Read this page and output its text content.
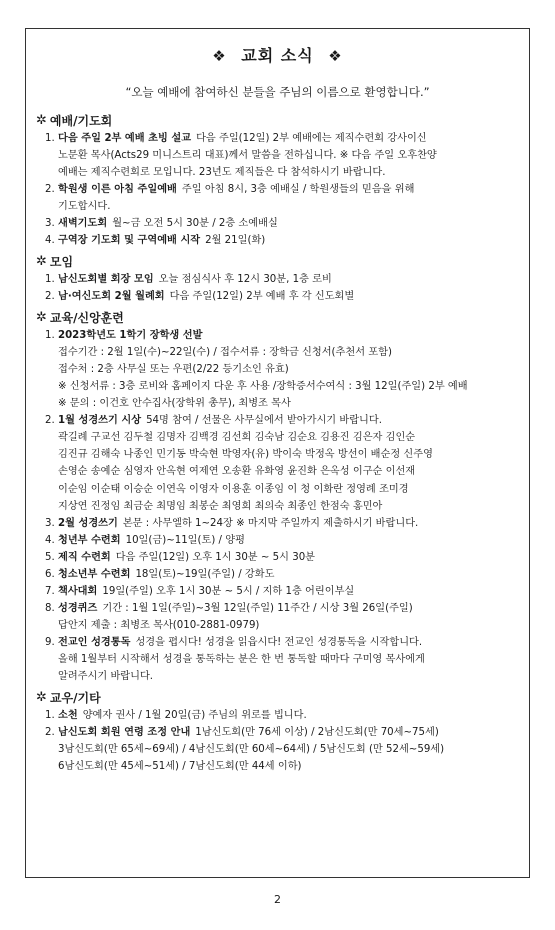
❖ 교회 소식 ❖
“오늘 예배에 참여하신 분들을 주님의 이름으로 환영합니다.”
✲ 예배/기도회
1. 다음 주일 2부 예배 초빙 설교 다음 주일(12일) 2부 예배에는 제직수련회 강사이신
노문환 목사(Acts29 미니스트리 대표)께서 말씀을 전하십니다. ※ 다음 주일 오후찬양
예배는 제직수련회로 모입니다. 23년도 제직들은 다 참석하시기 바랍니다.
2. 학원생 이른 아침 주일예배 주일 아침 8시, 3층 예배실 / 학원생들의 믿음을 위해
기도합시다.
3. 새벽기도회 월~금 오전 5시 30분 / 2층 소예배실
4. 구역장 기도회 및 구역예배 시작 2월 21일(화)
✲ 모임
1. 남신도회별 회장 모임 오늘 점심식사 후 12시 30분, 1층 로비
2. 남·여신도회 2월 월례회 다음 주일(12일) 2부 예배 후 각 신도회별
✲ 교육/신앙훈련
1. 2023학년도 1학기 장학생 선발
접수기간 : 2월 1일(수)~22일(수) / 접수서류 : 장학금 신청서(추천서 포함)
접수처 : 2층 사무실 또는 우편(2/22 등기소인 유효)
※ 신청서류 : 3층 로비와 홈페이지 다운 후 사용 /장학증서수여식 : 3월 12일(주일) 2부 예배
※ 문의 : 이건호 안수집사(장학위 총무), 최병조 목사
2. 1월 성경쓰기 시상 54명 참여 / 선물은 사무실에서 받아가시기 바랍니다.
곽길례 구교선 김두철 김명자 김백경 김선희 김숙남 김순요 김용진 김은자 김인순
김진규 김해숙 나종인 민기동 박숙현 박영자(유) 박이숙 박정옥 방선이 배순정 신주영
손영순 송예순 심영자 안옥현 여제연 오송환 유화영 윤진화 은옥성 이구순 이선재
이순임 이순태 이승순 이연옥 이영자 이용훈 이종임 이 청 이화란 정영례 조미경
지상연 진정임 최금순 최명임 최봉순 최영희 최의숙 최종인 한점숙 홍민아
3. 2월 성경쓰기 본문 : 사무엘하 1~24장 ※ 마지막 주일까지 제출하시기 바랍니다.
4. 청년부 수련회 10일(금)~11일(토) / 양평
5. 제직 수련회 다음 주일(12일) 오후 1시 30분 ~ 5시 30분
6. 청소년부 수련회 18일(토)~19일(주일) / 강화도
7. 책사대회 19일(주일) 오후 1시 30분 ~ 5시 / 지하 1층 어린이부실
8. 성경퀴즈 기간 : 1월 1일(주일)~3월 12일(주일) 11주간 / 시상 3월 26일(주일)
답안지 제출 : 최병조 목사(010-2881-0979)
9. 전교인 성경통독 성경을 폅시다! 성경을 읽읍시다! 전교인 성경통독을 시작합니다.
올해 1월부터 시작해서 성경을 통독하는 분은 한 번 통독할 때마다 구미영 목사에게
알려주시기 바랍니다.
✲ 교우/기타
1. 소천 양예자 권사 / 1월 20일(금) 주님의 위로를 빕니다.
2. 남신도회 회원 연령 조정 안내 1남신도회(만 76세 이상) / 2남신도회(만 70세~75세)
3남신도회(만 65세~69세) / 4남신도회(만 60세~64세) / 5남신도회 (만 52세~59세)
6남신도회(만 45세~51세) / 7남신도회(만 44세 이하)
2
